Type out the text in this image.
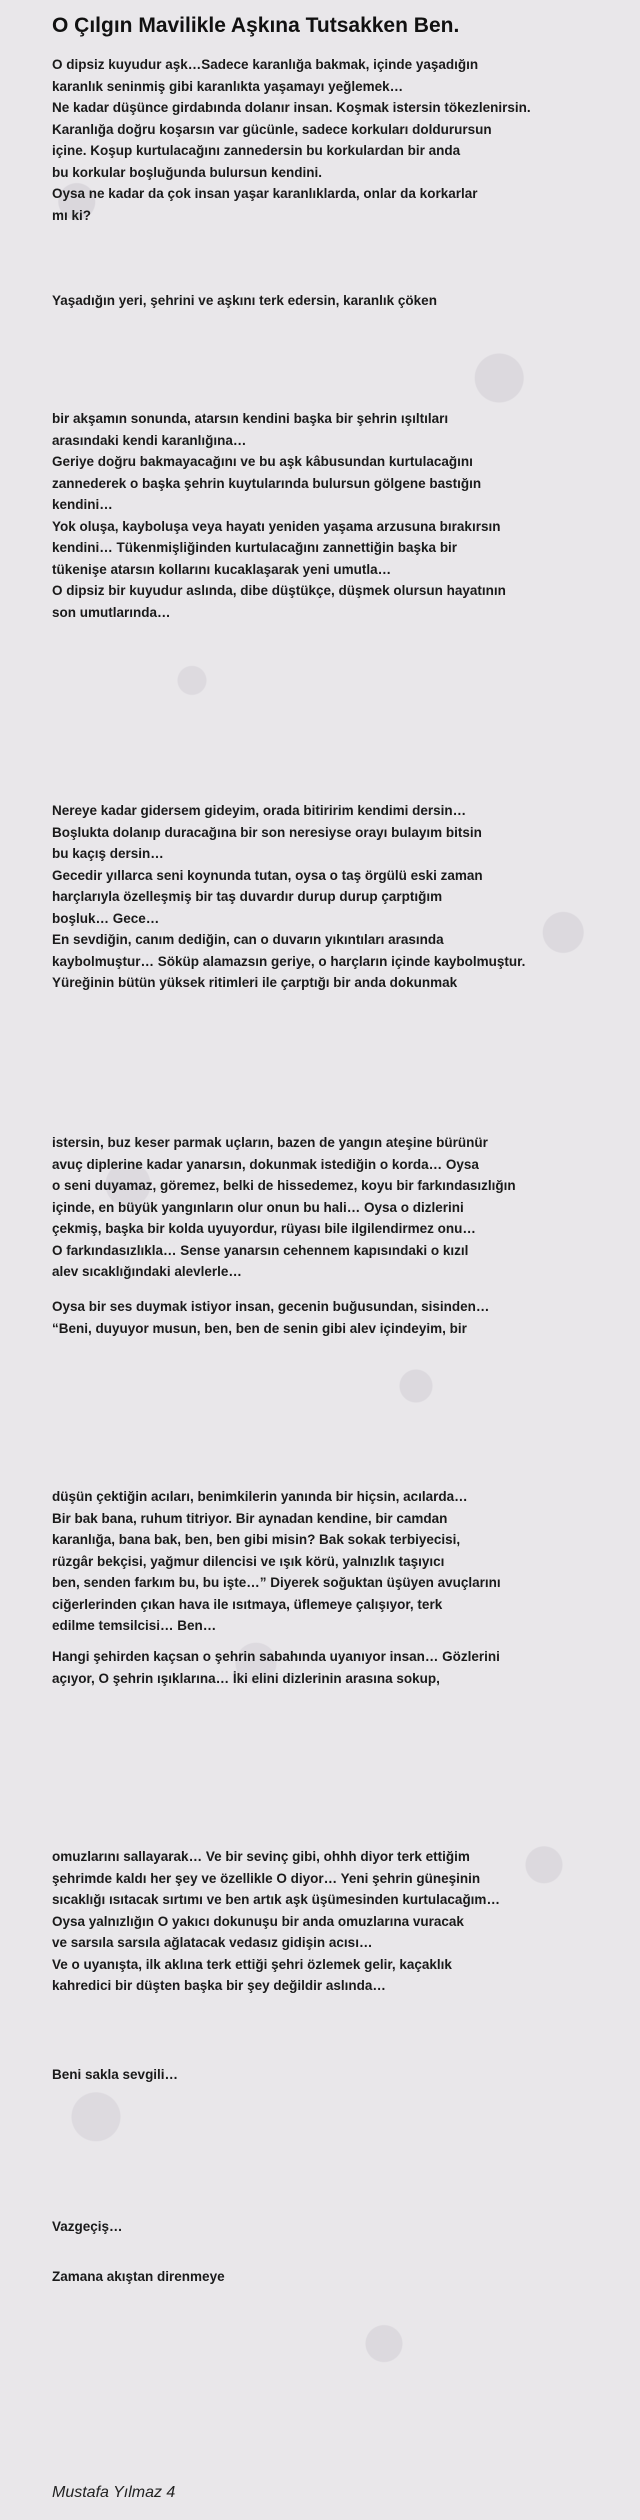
O Çılgın Mavilikle Aşkına Tutsakken Ben.
O dipsiz kuyudur aşk…Sadece karanlığa bakmak, içinde yaşadığın
karanlık seninmiş gibi karanlıkta yaşamayı yeğlemek…
Ne kadar düşünce girdabında dolanır insan. Koşmak istersin tökezlenirsin.
Karanlığa doğru koşarsın var gücünle, sadece korkuları doldurursun
içine. Koşup kurtulacağını zannedersin bu korkulardan bir anda
bu korkular boşluğunda bulursun kendini.
Oysa ne kadar da çok insan yaşar karanlıklarda, onlar da korkarlar
mı ki?
Yaşadığın yeri, şehrini ve aşkını terk edersin, karanlık çöken
bir akşamın sonunda, atarsın kendini başka bir şehrin ışıltıları
arasındaki kendi karanlığına…
Geriye doğru bakmayacağını ve bu aşk kâbusundan kurtulacağını
zannederek o başka şehrin kuytularında bulursun gölgene bastığın
kendini…
Yok oluşa, kayboluşa veya hayatı yeniden yaşama arzusuna bırakırsın
kendini… Tükenmişliğinden kurtulacağını zannettiğin başka bir
tükenişe atarsın kollarını kucaklaşarak yeni umutla…
O dipsiz bir kuyudur aslında, dibe düştükçe, düşmek olursun hayatının
son umutlarında…
Nereye kadar gidersem gideyim, orada bitiririm kendimi dersin…
Boşlukta dolanıp duracağına bir son neresiyse orayı bulayım bitsin
bu kaçış dersin…
Gecedir yıllarca seni koynunda tutan, oysa o taş örgülü eski zaman
harçlarıyla özelleşmiş bir taş duvardır durup durup çarptığım
boşluk… Gece…
En sevdiğin, canım dediğin, can o duvarın yıkıntıları arasında
kaybolmuştur… Söküp alamazsın geriye, o harçların içinde kaybolmuştur.
Yüreğinin bütün yüksek ritimleri ile çarptığı bir anda dokunmak
istersin, buz keser parmak uçların, bazen de yangın ateşine bürünür
avuç diplerine kadar yanarsın, dokunmak istediğin o korda… Oysa
o seni duyamaz, göremez, belki de hissedemez, koyu bir farkındasızlığın
içinde, en büyük yangınların olur onun bu hali… Oysa o dizlerini
çekmiş, başka bir kolda uyuyordur, rüyası bile ilgilendirmez onu…
O farkındasızlıkla… Sense yanarsın cehennem kapısındaki o kızıl
alev sıcaklığındaki alevlerle…
Oysa bir ses duymak istiyor insan, gecenin buğusundan, sisinden…
“Beni, duyuyor musun, ben, ben de senin gibi alev içindeyim, bir
düşün çektiğin acıları, benimkilerin yanında bir hiçsin, acılarda…
Bir bak bana, ruhum titriyor. Bir aynadan kendine, bir camdan
karanlığa, bana bak, ben, ben gibi misin? Bak sokak terbiyecisi,
rüzgâr bekçisi, yağmur dilencisi ve ışık körü, yalnızlık taşıyıcı
ben, senden farkım bu, bu işte…” Diyerek soğuktan üşüyen avuçlarını
ciğerlerinden çıkan hava ile ısıtmaya, üflemeye çalışıyor, terk
edilme temsilcisi… Ben…
Hangi şehirden kaçsan o şehrin sabahında uyanıyor insan… Gözlerini
açıyor, O şehrin ışıklarına… İki elini dizlerinin arasına sokup,
omuzlarını sallayarak… Ve bir sevinç gibi, ohhh diyor terk ettiğim
şehrimde kaldı her şey ve özellikle O diyor… Yeni şehrin güneşinin
sıcaklığı ısıtacak sırtımı ve ben artık aşk üşümesinden kurtulacağım…
Oysa yalnızlığın O yakıcı dokunuşu bir anda omuzlarına vuracak
ve sarsıla sarsıla ağlatacak vedasız gidişin acısı…
Ve o uyanışta, ilk aklına terk ettiği şehri özlemek gelir, kaçaklık
kahredici bir düşten başka bir şey değildir aslında…
Beni sakla sevgili…
Vazgeçiş…
Zamana akıştan direnmeye
Mustafa Yılmaz 4
